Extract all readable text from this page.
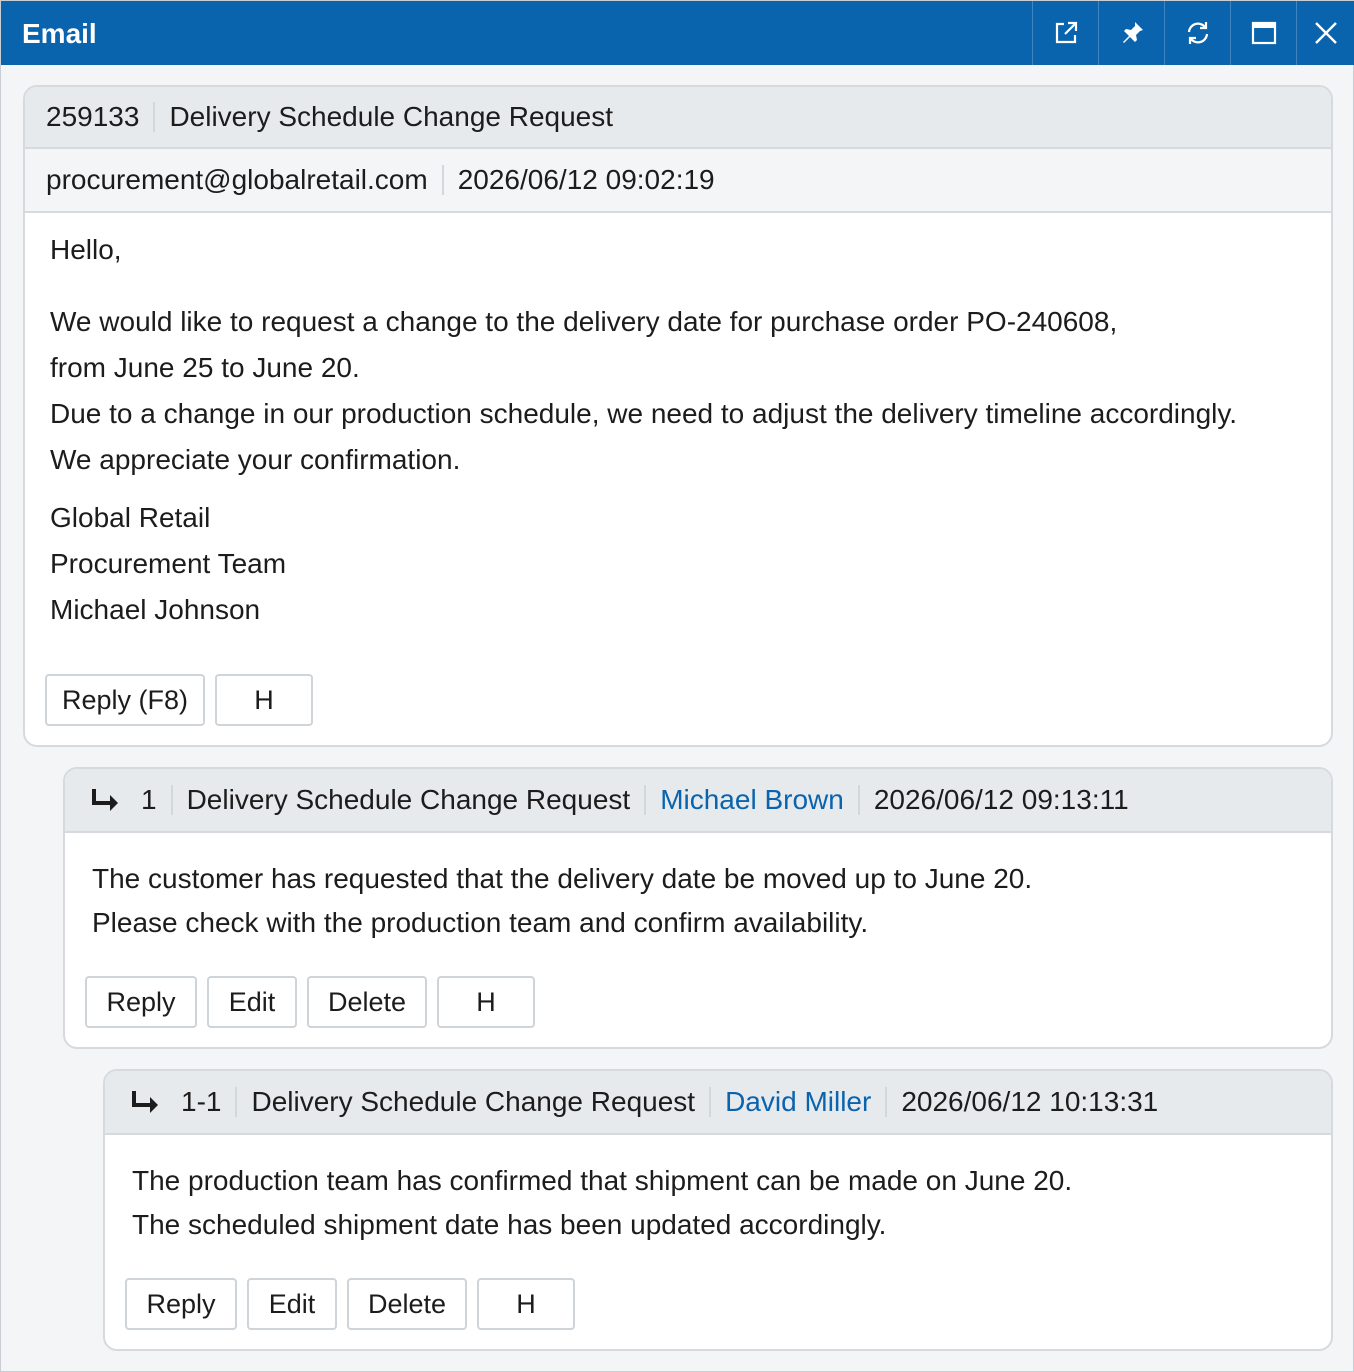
Email
259133 Delivery Schedule Change Request
procurement@globalretail.com 2026/06/12 09:02:19

Hello,

We would like to request a change to the delivery date for purchase order PO-240608,

from June 25 to June 20.

Due to a change in our production schedule, we need to adjust the delivery timeline accordingly.

We appreciate your confirmation.

Global Retail

Procurement Team

Michael Johnson

Reply (F8)	H
1 Delivery Schedule Change Request Michael Brown 2026/06/12 09:13:11

The customer has requested that the delivery date be moved up to June 20.

Please check with the production team and confirm availability.

Reply	Edit	Delete	H
1-1 Delivery Schedule Change Request David Miller 2026/06/12 10:13:31

The production team has confirmed that shipment can be made on June 20.

The scheduled shipment date has been updated accordingly.

Reply	Edit	Delete	H
